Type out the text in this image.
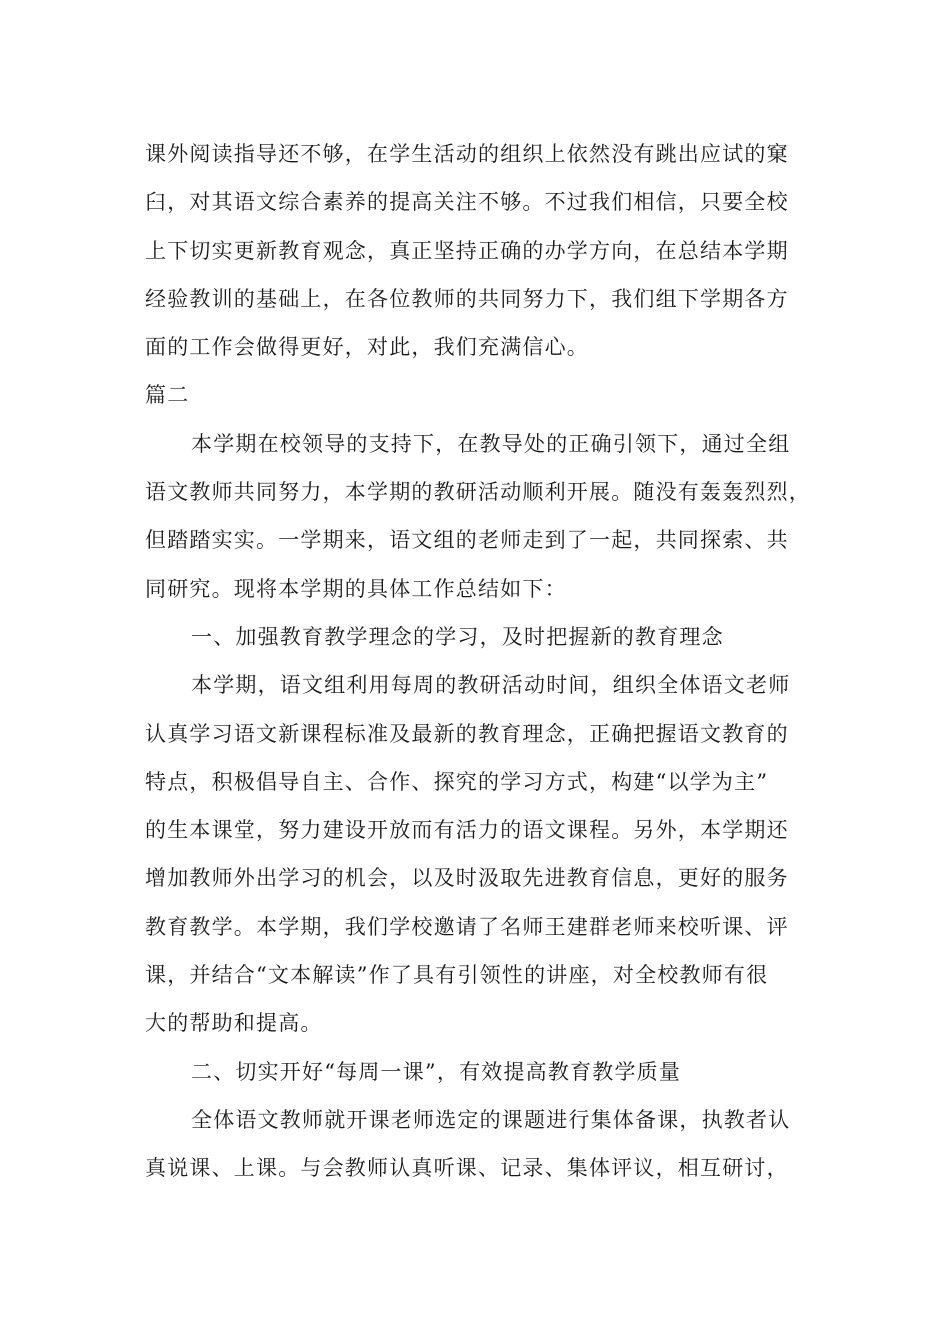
课外阅读指导还不够，在学生活动的组织上依然没有跳出应试的窠
臼，对其语文综合素养的提高关注不够。不过我们相信，只要全校
上下切实更新教育观念，真正坚持正确的办学方向，在总结本学期
经验教训的基础上，在各位教师的共同努力下，我们组下学期各方
面的工作会做得更好，对此，我们充满信心。
篇二
本学期在校领导的支持下，在教导处的正确引领下，通过全组
语文教师共同努力，本学期的教研活动顺利开展。随没有轰轰烈烈，
但踏踏实实。一学期来，语文组的老师走到了一起，共同探索、共
同研究。现将本学期的具体工作总结如下：
一、加强教育教学理念的学习，及时把握新的教育理念
本学期，语文组利用每周的教研活动时间，组织全体语文老师
认真学习语文新课程标准及最新的教育理念，正确把握语文教育的
特点，积极倡导自主、合作、探究的学习方式，构建“以学为主”
的生本课堂，努力建设开放而有活力的语文课程。另外，本学期还
增加教师外出学习的机会，以及时汲取先进教育信息，更好的服务
教育教学。本学期，我们学校邀请了名师王建群老师来校听课、评
课，并结合“文本解读”作了具有引领性的讲座，对全校教师有很
大的帮助和提高。
二、切实开好“每周一课”，有效提高教育教学质量
全体语文教师就开课老师选定的课题进行集体备课，执教者认
真说课、上课。与会教师认真听课、记录、集体评议，相互研讨，
